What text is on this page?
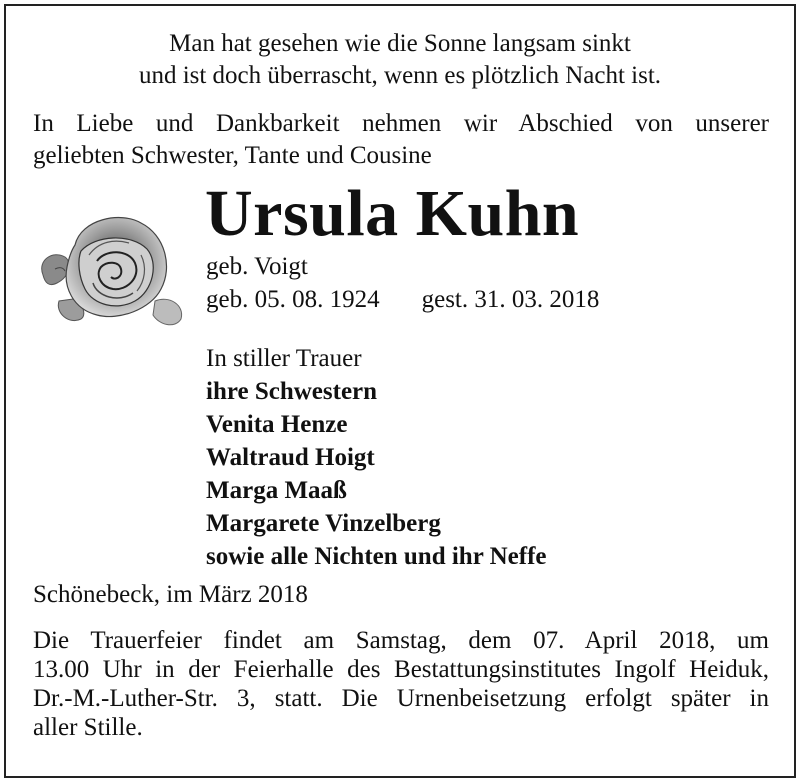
Man hat gesehen wie die Sonne langsam sinkt
und ist doch überrascht, wenn es plötzlich Nacht ist.
In Liebe und Dankbarkeit nehmen wir Abschied von unserer
geliebten Schwester, Tante und Cousine
Ursula Kuhn
geb. Voigt
geb. 05. 08. 1924 gest. 31. 03. 2018
In stiller Trauer
ihre Schwestern
Venita Henze
Waltraud Hoigt
Marga Maaß
Margarete Vinzelberg
sowie alle Nichten und ihr Neffe
Schönebeck, im März 2018
Die Trauerfeier findet am Samstag, dem 07. April 2018, um
13.00 Uhr in der Feierhalle des Bestattungsinstitutes Ingolf Heiduk,
Dr.-M.-Luther-Str. 3, statt. Die Urnenbeisetzung erfolgt später in
aller Stille.
